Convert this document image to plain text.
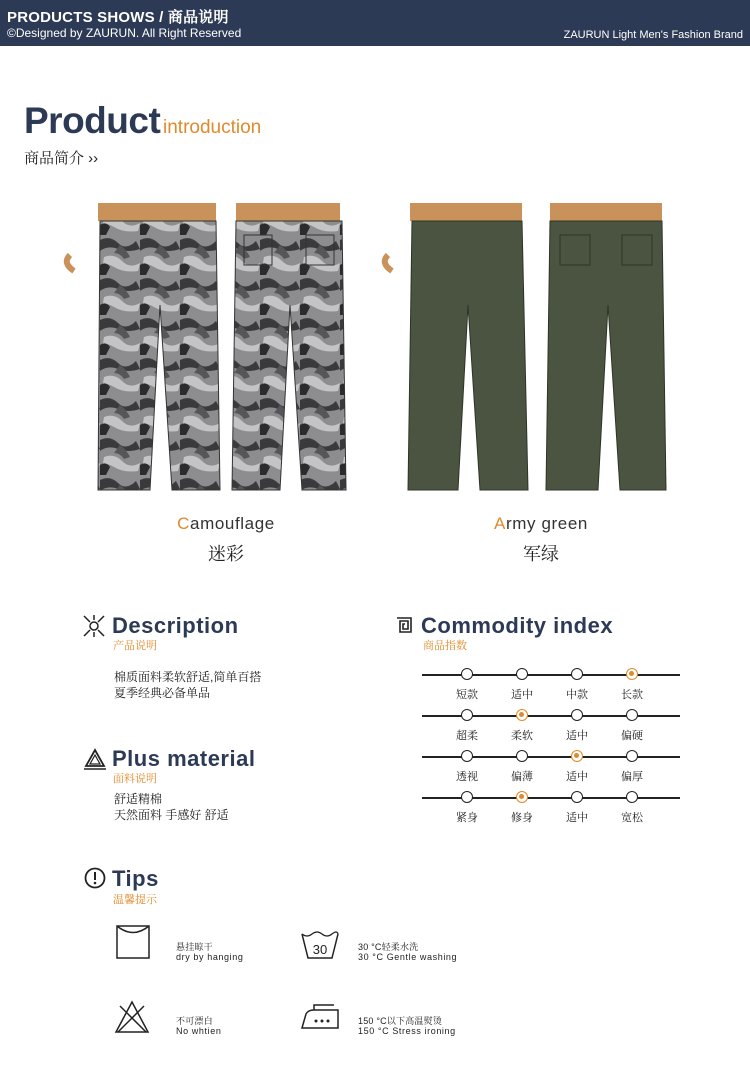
PRODUCTS SHOWS / 商品说明
©Designed by ZAURUN. All Right Reserved	ZAURUN Light Men's Fashion Brand
Product introduction
商品简介 ››
Camouflage
迷彩
Army green
军绿
Description
产品说明
棉质面料柔软舒适,简单百搭
夏季经典必备单品
Plus material
面料说明
舒适精棉
天然面料 手感好 舒适
Commodity index
商品指数
短款	适中	中款	长款
超柔	柔软	适中	偏硬
透视	偏薄	适中	偏厚
紧身	修身	适中	宽松
Tips
温馨提示
悬挂晾干
dry by hanging	30	30 °C轻柔水洗
30 °C Gentle washing
不可漂白
No whtien
150 °C以下高温熨烫
150 °C Stress ironing
